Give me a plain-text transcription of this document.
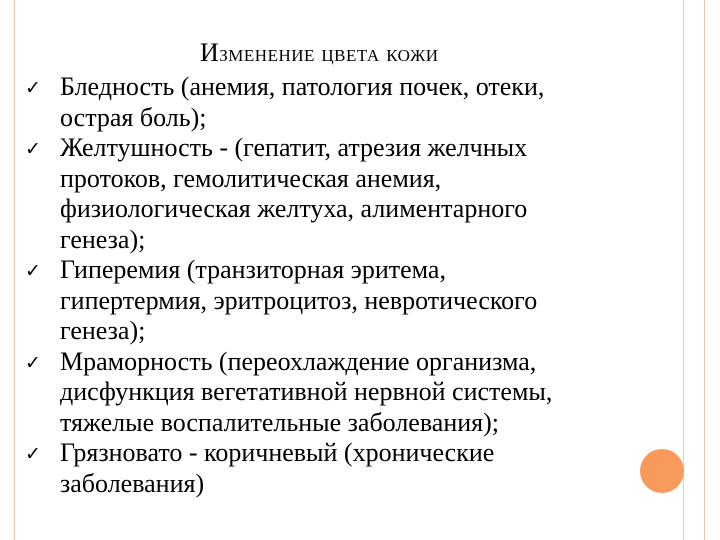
Изменение цвета кожи
✓ Бледность (анемия, патология почек, отеки,
острая боль);
✓ Желтушность - (гепатит, атрезия желчных
протоков, гемолитическая анемия,
физиологическая желтуха, алиментарного
генеза);
✓ Гиперемия (транзиторная эритема,
гипертермия, эритроцитоз, невротического
генеза);
✓ Мраморность (переохлаждение организма,
дисфункция вегетативной нервной системы,
тяжелые воспалительные заболевания);
✓ Грязновато - коричневый (хронические
заболевания)
